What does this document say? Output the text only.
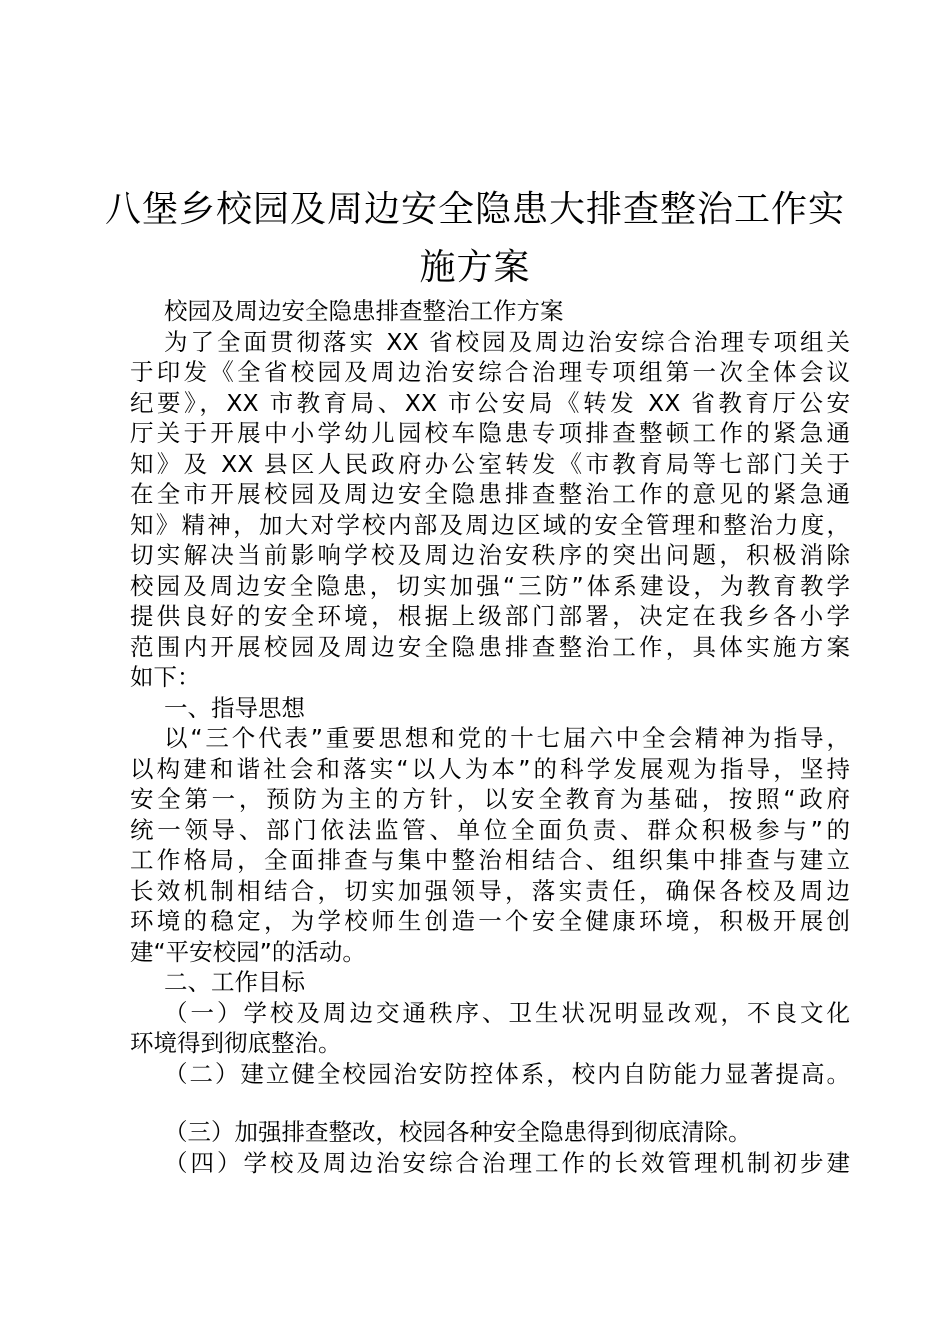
八堡乡校园及周边安全隐患大排查整治工作实
施方案
校园及周边安全隐患排查整治工作方案
为了全面贯彻落实 XX 省校园及周边治安综合治理专项组关
于印发《全省校园及周边治安综合治理专项组第一次全体会议
纪要》，XX 市教育局、XX 市公安局《转发 XX 省教育厅公安
厅关于开展中小学幼儿园校车隐患专项排查整顿工作的紧急通
知》及 XX 县区人民政府办公室转发《市教育局等七部门关于
在全市开展校园及周边安全隐患排查整治工作的意见的紧急通
知》精神，加大对学校内部及周边区域的安全管理和整治力度，
切实解决当前影响学校及周边治安秩序的突出问题，积极消除
校园及周边安全隐患，切实加强“三防”体系建设，为教育教学
提供良好的安全环境，根据上级部门部署，决定在我乡各小学
范围内开展校园及周边安全隐患排查整治工作，具体实施方案
如下：
一、指导思想
以“三个代表”重要思想和党的十七届六中全会精神为指导，
以构建和谐社会和落实“以人为本”的科学发展观为指导，坚持
安全第一，预防为主的方针，以安全教育为基础，按照“政府
统一领导、部门依法监管、单位全面负责、群众积极参与”的
工作格局，全面排查与集中整治相结合、组织集中排查与建立
长效机制相结合，切实加强领导，落实责任，确保各校及周边
环境的稳定，为学校师生创造一个安全健康环境，积极开展创
建“平安校园”的活动。
二、工作目标
（一）学校及周边交通秩序、卫生状况明显改观，不良文化
环境得到彻底整治。
（二）建立健全校园治安防控体系，校内自防能力显著提高。
（三）加强排查整改，校园各种安全隐患得到彻底清除。
（四）学校及周边治安综合治理工作的长效管理机制初步建
